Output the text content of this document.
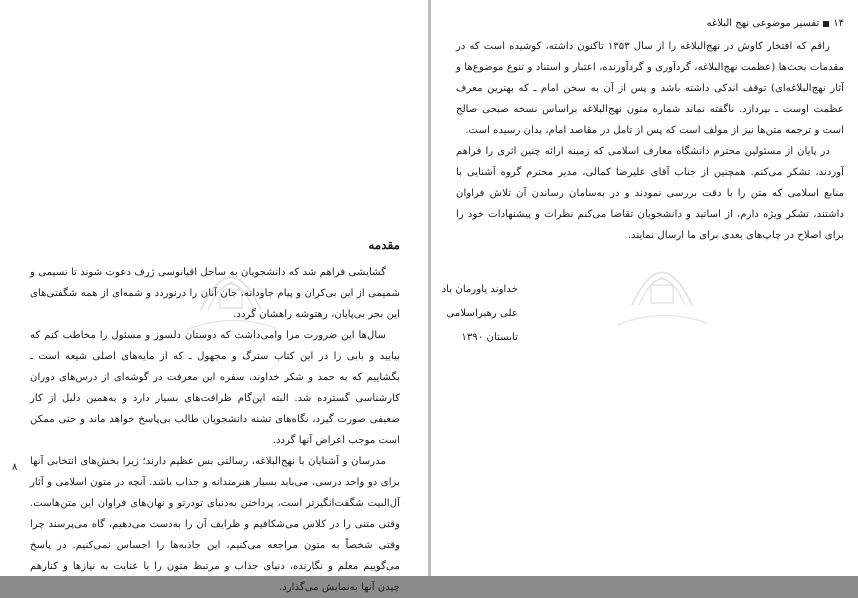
مقدمه

گشایشی فراهم شد که دانشجویان به ساحل اقیانوسی ژرف دعوت شوند تا نسیمی و شمیمی از این بی‌کران و پیام جاودانه، جان آنان را درنوردد و شمه‌ای از همه شگفتی‌های این بحر بی‌پایان، رهتوشه راهشان گردد.

سال‌ها این ضرورت مرا وامی‌داشت که دوستان دلسوز و مسئول را مخاطب کنم که بیایید و بابی را در این کتاب سترگ و مجهول ـ که از مایه‌های اصلی شیعه است ـ بگشاییم که به حمد و شکر خداوند، سفره این معرفت در گوشه‌ای از درس‌های دوران کارشناسی گسترده شد. البته این‌گام ظرافت‌های بسیار دارد و به‌همین دلیل از کار ضعیفی صورت گیرد، نگاه‌های تشنه دانشجویان طالب بی‌پاسخ خواهد ماند و حتی ممکن است موجب اعراض آنها گردد.

مدرسان و آشنایان با نهج‌البلاغه، رسالتی بس عظیم دارند؛ زیرا بخش‌های انتخابی آنها برای دو واحد درسی، می‌باید بسیار هنرمندانه و جذاب باشد. آنچه در متون اسلامی و آثار آل‌البیت شگفت‌انگیزتر است، پرداختن به‌دنیای تودرتو و نهان‌های فراوان این متن‌هاست. وقتی متنی را در کلاس می‌شکافیم و ظرایف آن را به‌دست می‌دهیم، گاه می‌پرسند چرا وقتی شخصاً به متون مراجعه می‌کنیم، این جاذبه‌ها را احساس نمی‌کنیم. در پاسخ می‌گوییم معلم و نگارنده، دنیای جذاب و مرتبط متون را با عنایت به نیازها و کنارهم چیدن آنها به‌نمایش می‌گذارد.

۸
۱۴
تفسیر موضوعی نهج البلاغه

راقم که افتخار کاوش در نهج‌البلاغه را از سال ۱۳۵۳ تاکنون داشته، کوشیده است که در مقدمات بحث‌ها (عظمت نهج‌البلاغه، گردآوری و گردآورنده، اعتبار و استناد و تنوع موضوع‌ها و آثار نهج‌البلاغه‌ای) توقف اندکی داشته باشد و پس از آن به سخن امام ـ که بهترین معرف عظمت اوست ـ بپردازد. ناگفته نماند شماره متون نهج‌البلاغه براساس نسخه صبحی صالح است و ترجمه متن‌ها نیز از مولف است که پس از تامل در مقاصد امام، بدان رسیده است.

در پایان از مسئولین محترم دانشگاه معارف اسلامی که زمینه ارائه چنین اثری را فراهم آوردند، تشکر می‌کنم. همچنین از جناب آقای علیرضا کمالی، مدیر محترم گروه آشنایی با منابع اسلامی که متن را با دقت بررسی نمودند و در به‌سامان رساندن آن تلاش فراوان داشتند، تشکر ویژه دارم، از اساتید و دانشجویان تقاضا می‌کنم نظرات و پیشنهادات خود را برای اصلاح در چاپ‌های بعدی برای ما ارسال نمایند.

خداوند یاورمان باد
علی رهبراسلامی
تابستان ۱۳۹۰
